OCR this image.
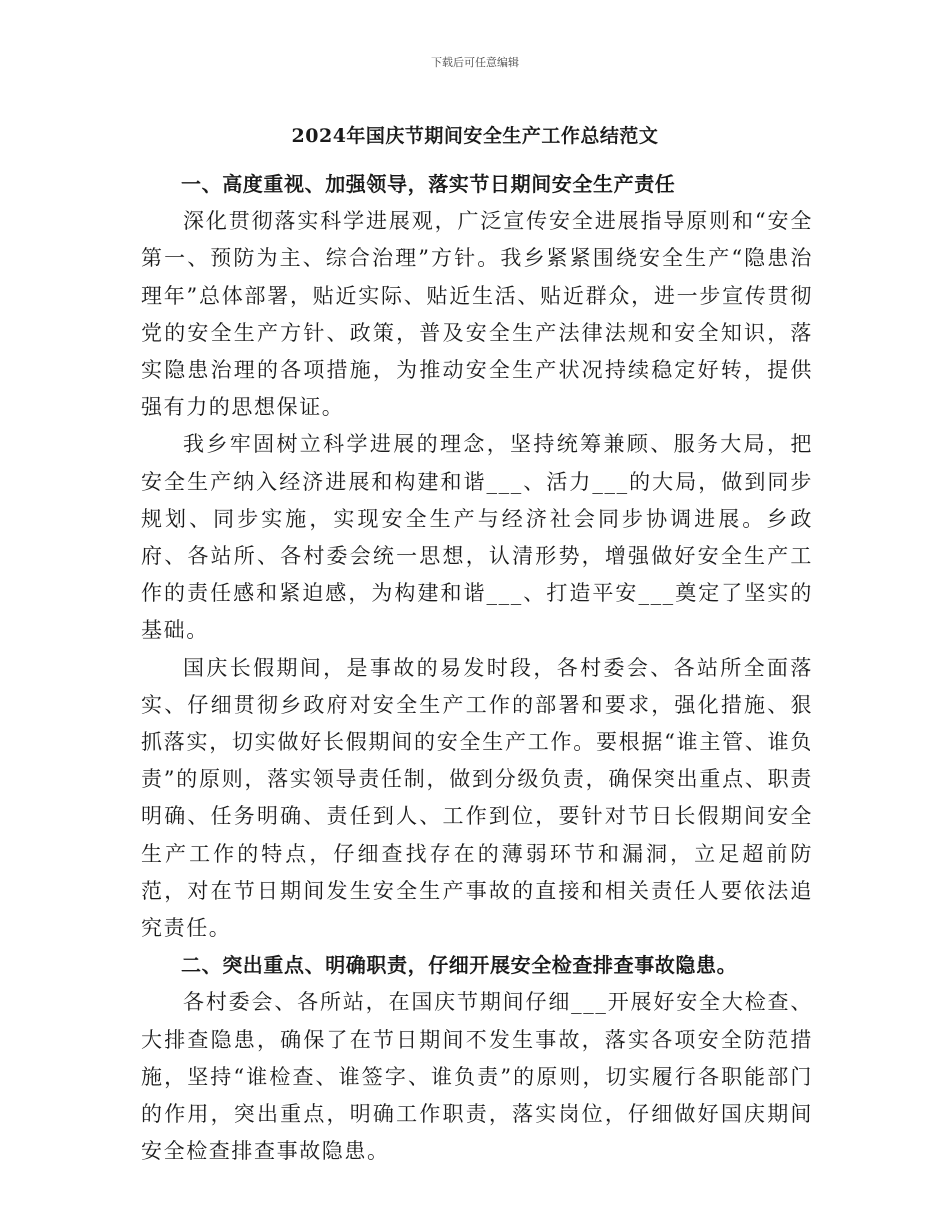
下载后可任意编辑
2024年国庆节期间安全生产工作总结范文
一、高度重视、加强领导，落实节日期间安全生产责任

深化贯彻落实科学进展观，广泛宣传安全进展指导原则和“安全第一、预防为主、综合治理”方针。我乡紧紧围绕安全生产“隐患治理年”总体部署，贴近实际、贴近生活、贴近群众，进一步宣传贯彻党的安全生产方针、政策，普及安全生产法律法规和安全知识，落实隐患治理的各项措施，为推动安全生产状况持续稳定好转，提供强有力的思想保证。

我乡牢固树立科学进展的理念，坚持统筹兼顾、服务大局，把安全生产纳入经济进展和构建和谐___、活力___的大局，做到同步规划、同步实施，实现安全生产与经济社会同步协调进展。乡政府、各站所、各村委会统一思想，认清形势，增强做好安全生产工作的责任感和紧迫感，为构建和谐___、打造平安___奠定了坚实的基础。

国庆长假期间，是事故的易发时段，各村委会、各站所全面落实、仔细贯彻乡政府对安全生产工作的部署和要求，强化措施、狠抓落实，切实做好长假期间的安全生产工作。要根据“谁主管、谁负责”的原则，落实领导责任制，做到分级负责，确保突出重点、职责明确、任务明确、责任到人、工作到位，要针对节日长假期间安全生产工作的特点，仔细查找存在的薄弱环节和漏洞，立足超前防范，对在节日期间发生安全生产事故的直接和相关责任人要依法追究责任。

二、突出重点、明确职责，仔细开展安全检查排查事故隐患。

各村委会、各所站，在国庆节期间仔细___开展好安全大检查、大排查隐患，确保了在节日期间不发生事故，落实各项安全防范措施，坚持“谁检查、谁签字、谁负责”的原则，切实履行各职能部门的作用，突出重点，明确工作职责，落实岗位，仔细做好国庆期间安全检查排查事故隐患。
